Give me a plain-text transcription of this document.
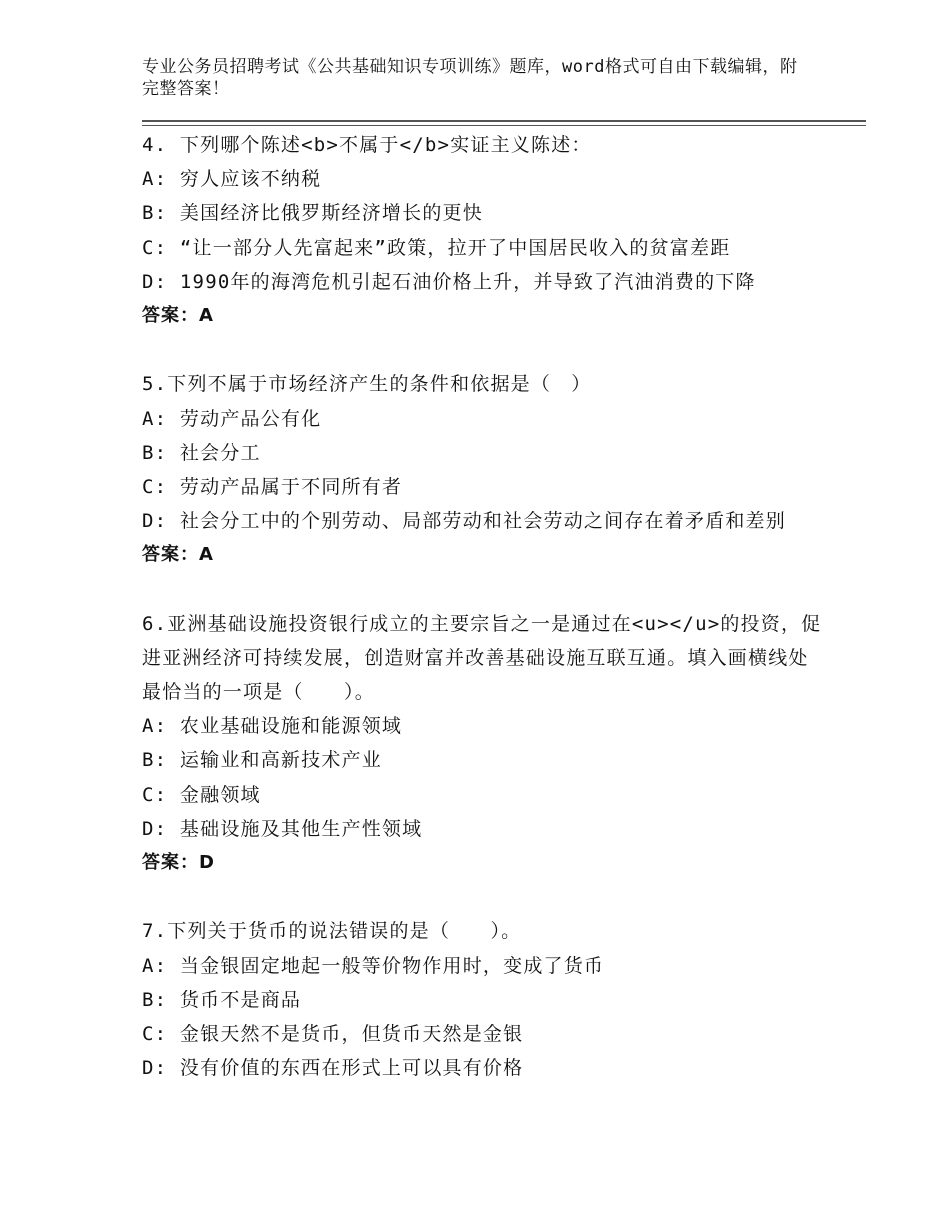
专业公务员招聘考试《公共基础知识专项训练》题库，word格式可自由下载编辑，附完整答案！
4. 下列哪个陈述<b>不属于</b>实证主义陈述：
A: 穷人应该不纳税
B: 美国经济比俄罗斯经济增长的更快
C: “让一部分人先富起来”政策，拉开了中国居民收入的贫富差距
D: 1990年的海湾危机引起石油价格上升，并导致了汽油消费的下降
答案：A
5.下列不属于市场经济产生的条件和依据是（　）
A: 劳动产品公有化
B: 社会分工
C: 劳动产品属于不同所有者
D: 社会分工中的个别劳动、局部劳动和社会劳动之间存在着矛盾和差别
答案：A
6.亚洲基础设施投资银行成立的主要宗旨之一是通过在<u></u>的投资，促进亚洲经济可持续发展，创造财富并改善基础设施互联互通。填入画横线处最恰当的一项是（　　）。
A: 农业基础设施和能源领域
B: 运输业和高新技术产业
C: 金融领域
D: 基础设施及其他生产性领域
答案：D
7.下列关于货币的说法错误的是（　　）。
A: 当金银固定地起一般等价物作用时，变成了货币
B: 货币不是商品
C: 金银天然不是货币，但货币天然是金银
D: 没有价值的东西在形式上可以具有价格
